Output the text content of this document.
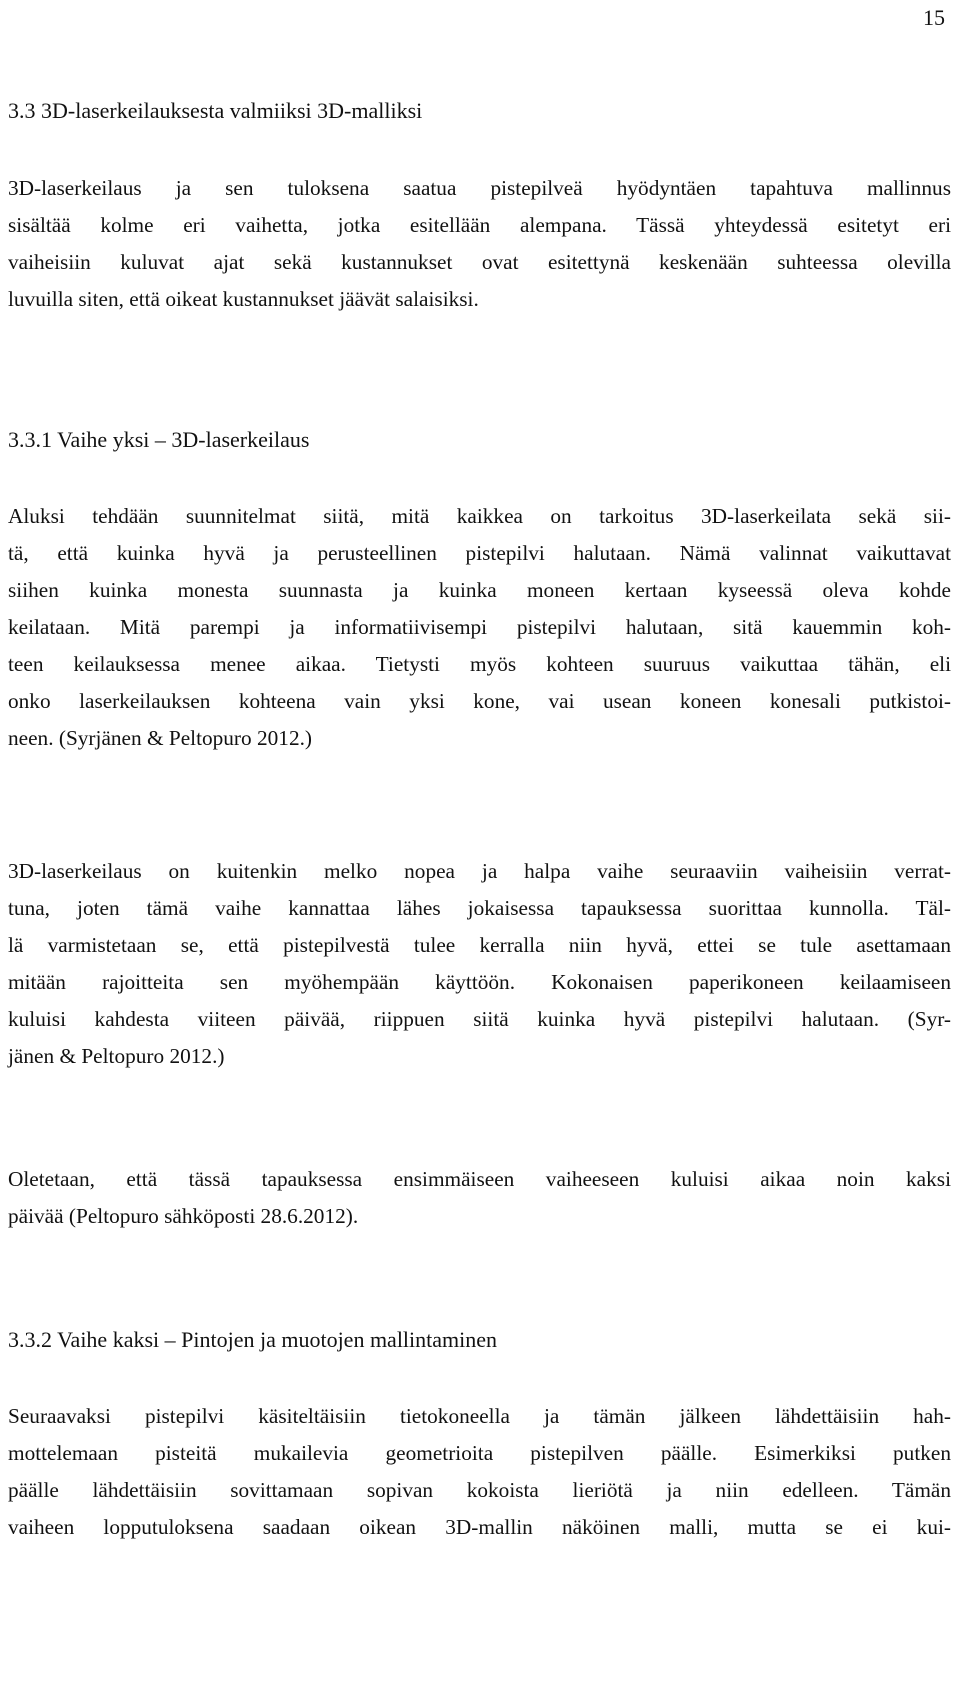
15
3.3 3D-laserkeilauksesta valmiiksi 3D-malliksi
3D-laserkeilaus ja sen tuloksena saatua pistepilveä hyödyntäen tapahtuva mallinnus
sisältää kolme eri vaihetta, jotka esitellään alempana. Tässä yhteydessä esitetyt eri
vaiheisiin kuluvat ajat sekä kustannukset ovat esitettynä keskenään suhteessa olevilla
luvuilla siten, että oikeat kustannukset jäävät salaisiksi.
3.3.1 Vaihe yksi – 3D-laserkeilaus
Aluksi tehdään suunnitelmat siitä, mitä kaikkea on tarkoitus 3D-laserkeilata sekä sii-
tä, että kuinka hyvä ja perusteellinen pistepilvi halutaan. Nämä valinnat vaikuttavat
siihen kuinka monesta suunnasta ja kuinka moneen kertaan kyseessä oleva kohde
keilataan. Mitä parempi ja informatiivisempi pistepilvi halutaan, sitä kauemmin koh-
teen keilauksessa menee aikaa. Tietysti myös kohteen suuruus vaikuttaa tähän, eli
onko laserkeilauksen kohteena vain yksi kone, vai usean koneen konesali putkistoi-
neen. (Syrjänen & Peltopuro 2012.)
3D-laserkeilaus on kuitenkin melko nopea ja halpa vaihe seuraaviin vaiheisiin verrat-
tuna, joten tämä vaihe kannattaa lähes jokaisessa tapauksessa suorittaa kunnolla. Täl-
lä varmistetaan se, että pistepilvestä tulee kerralla niin hyvä, ettei se tule asettamaan
mitään rajoitteita sen myöhempään käyttöön. Kokonaisen paperikoneen keilaamiseen
kuluisi kahdesta viiteen päivää, riippuen siitä kuinka hyvä pistepilvi halutaan. (Syr-
jänen & Peltopuro 2012.)
Oletetaan, että tässä tapauksessa ensimmäiseen vaiheeseen kuluisi aikaa noin kaksi
päivää (Peltopuro sähköposti 28.6.2012).
3.3.2 Vaihe kaksi – Pintojen ja muotojen mallintaminen
Seuraavaksi pistepilvi käsiteltäisiin tietokoneella ja tämän jälkeen lähdettäisiin hah-
mottelemaan pisteitä mukailevia geometrioita pistepilven päälle. Esimerkiksi putken
päälle lähdettäisiin sovittamaan sopivan kokoista lieriötä ja niin edelleen. Tämän
vaiheen lopputuloksena saadaan oikean 3D-mallin näköinen malli, mutta se ei kui-
